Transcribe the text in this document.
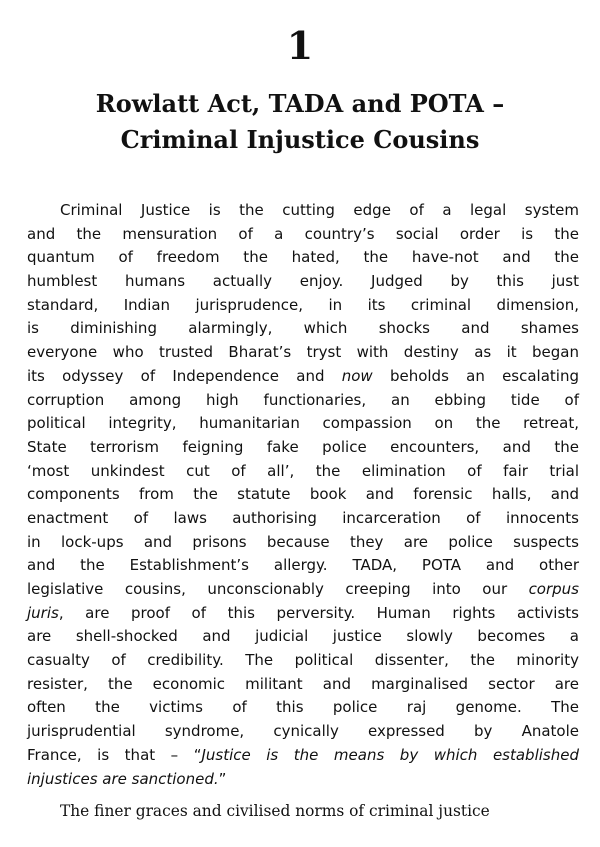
1
Rowlatt Act, TADA and POTA –
Criminal Injustice Cousins
Criminal Justice is the cutting edge of a legal system
and the mensuration of a country’s social order is the
quantum of freedom the hated, the have-not and the
humblest humans actually enjoy. Judged by this just
standard, Indian jurisprudence, in its criminal dimension,
is diminishing alarmingly, which shocks and shames
everyone who trusted Bharat’s tryst with destiny as it began
its odyssey of Independence and now beholds an escalating
corruption among high functionaries, an ebbing tide of
political integrity, humanitarian compassion on the retreat,
State terrorism feigning fake police encounters, and the
‘most unkindest cut of all’, the elimination of fair trial
components from the statute book and forensic halls, and
enactment of laws authorising incarceration of innocents
in lock-ups and prisons because they are police suspects
and the Establishment’s allergy. TADA, POTA and other
legislative cousins, unconscionably creeping into our corpus
juris, are proof of this perversity. Human rights activists
are shell-shocked and judicial justice slowly becomes a
casualty of credibility. The political dissenter, the minority
resister, the economic militant and marginalised sector are
often the victims of this police raj genome. The
jurisprudential syndrome, cynically expressed by Anatole
France, is that – “Justice is the means by which established
injustices are sanctioned.”
The finer graces and civilised norms of criminal justice
